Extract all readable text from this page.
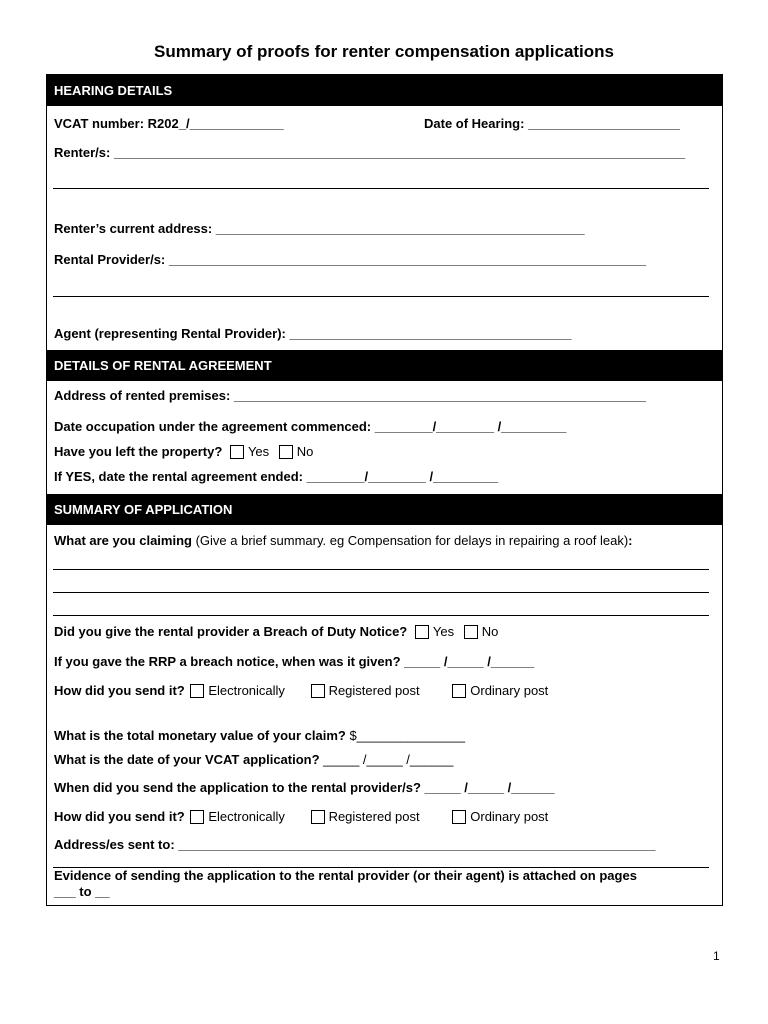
Summary of proofs for renter compensation applications
HEARING DETAILS
VCAT number: R202_/_____________	Date of Hearing: _____________________
Renter/s: _______________________________________________________________________________
Renter’s current address: ___________________________________________________
Rental Provider/s: __________________________________________________________________
Agent (representing Rental Provider): _______________________________________
DETAILS OF RENTAL AGREEMENT
Address of rented premises: _________________________________________________________
Date occupation under the agreement commenced: ________/________ /_________
Have you left the property? Yes No
If YES, date the rental agreement ended: ________/________ /_________
SUMMARY OF APPLICATION
What are you claiming (Give a brief summary. eg Compensation for delays in repairing a roof leak):
Did you give the rental provider a Breach of Duty Notice? Yes No
If you gave the RRP a breach notice, when was it given? _____ /_____ /______
How did you send it? Electronically	Registered post	Ordinary post
What is the total monetary value of your claim? $_______________
What is the date of your VCAT application? _____ /_____ /______
When did you send the application to the rental provider/s? _____ /_____ /______
How did you send it? Electronically	Registered post	Ordinary post
Address/es sent to: __________________________________________________________________
Evidence of sending the application to the rental provider (or their agent) is attached on pages
___ to __
1
